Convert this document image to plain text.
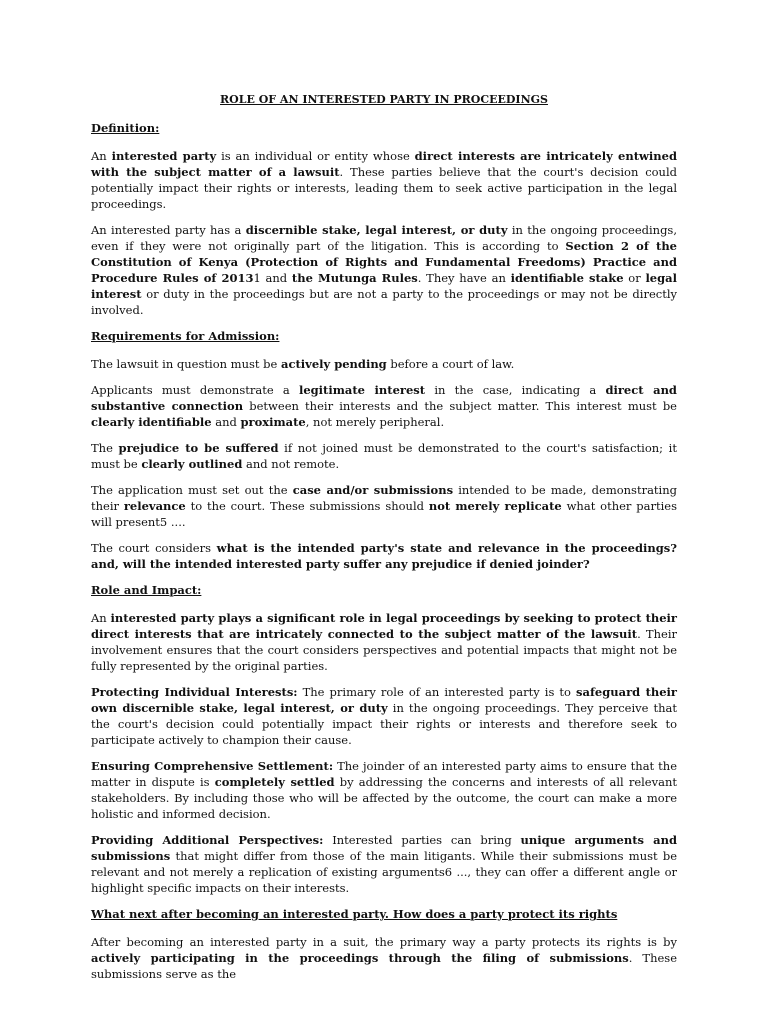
ROLE OF AN INTERESTED PARTY IN PROCEEDINGS
Definition:

An interested party is an individual or entity whose direct interests are intricately entwined with the subject matter of a lawsuit. These parties believe that the court's decision could potentially impact their rights or interests, leading them to seek active participation in the legal proceedings.

An interested party has a discernible stake, legal interest, or duty in the ongoing proceedings, even if they were not originally part of the litigation. This is according to Section 2 of the Constitution of Kenya (Protection of Rights and Fundamental Freedoms) Practice and Procedure Rules of 20131 and the Mutunga Rules. They have an identifiable stake or legal interest or duty in the proceedings but are not a party to the proceedings or may not be directly involved.

Requirements for Admission:

The lawsuit in question must be actively pending before a court of law.

Applicants must demonstrate a legitimate interest in the case, indicating a direct and substantive connection between their interests and the subject matter. This interest must be clearly identifiable and proximate, not merely peripheral.

The prejudice to be suffered if not joined must be demonstrated to the court's satisfaction; it must be clearly outlined and not remote.

The application must set out the case and/or submissions intended to be made, demonstrating their relevance to the court. These submissions should not merely replicate what other parties will present5 ....

The court considers what is the intended party's state and relevance in the proceedings? and, will the intended interested party suffer any prejudice if denied joinder?

Role and Impact:

An interested party plays a significant role in legal proceedings by seeking to protect their direct interests that are intricately connected to the subject matter of the lawsuit. Their involvement ensures that the court considers perspectives and potential impacts that might not be fully represented by the original parties.

Protecting Individual Interests: The primary role of an interested party is to safeguard their own discernible stake, legal interest, or duty in the ongoing proceedings. They perceive that the court's decision could potentially impact their rights or interests and therefore seek to participate actively to champion their cause.

Ensuring Comprehensive Settlement: The joinder of an interested party aims to ensure that the matter in dispute is completely settled by addressing the concerns and interests of all relevant stakeholders. By including those who will be affected by the outcome, the court can make a more holistic and informed decision.

Providing Additional Perspectives: Interested parties can bring unique arguments and submissions that might differ from those of the main litigants. While their submissions must be relevant and not merely a replication of existing arguments6 ..., they can offer a different angle or highlight specific impacts on their interests.

What next after becoming an interested party. How does a party protect its rights

After becoming an interested party in a suit, the primary way a party protects its rights is by actively participating in the proceedings through the filing of submissions. These submissions serve as the
